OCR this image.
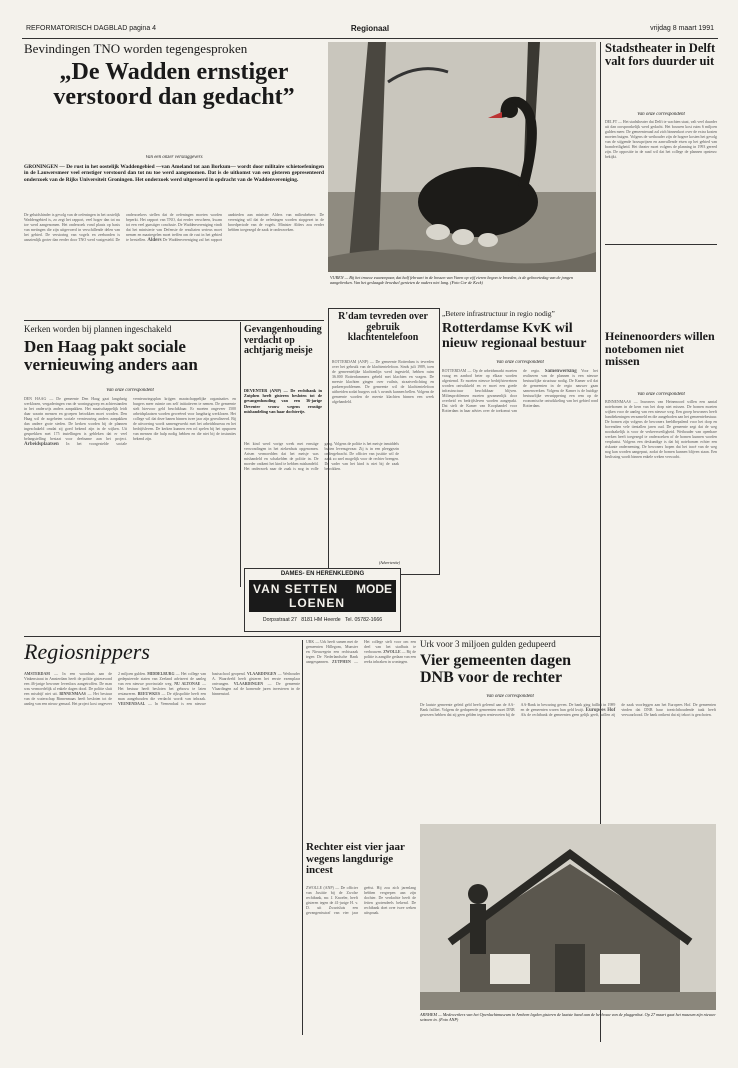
REFORMATORISCH DAGBLAD pagina 4	Regionaal	vrijdag 8 maart 1991

Bevindingen TNO worden tegengesproken

„De Wadden ernstiger verstoord dan gedacht”
Van een onzer verslaggevers
GRONINGEN — De rust in het oostelijk Waddengebied —van Ameland tot aan Borkum— wordt door militaire schietoefeningen in de Lauwersmeer veel ernstiger verstoord dan tot nu toe werd aangenomen. Dat is de uitkomst van een gisteren gepresenteerd onderzoek van de Rijks Universiteit Groningen. Het onderzoek werd uitgevoerd in opdracht van de Waddenvereniging.
De geluidshinder is gevolg van de oefeningen in het oostelijk Waddengebied is, zo zegt het rapport, veel hoger dan tot nu toe werd aangenomen. Het onderzoek vond plaats op basis van metingen die zijn uitgevoerd in verschillende delen van het gebied. De verstoring van vogels en zeehonden is aanzienlijk groter dan eerder door TNO werd vastgesteld. De onderzoekers stellen dat de oefeningen moeten worden beperkt. Het rapport van TNO, dat eerder verscheen, kwam tot een veel gunstiger conclusie. De Waddenvereniging vindt dat het ministerie van Defensie de resultaten serieus moet nemen en maatregelen moet treffen om de rust in het gebied te herstellen. Alders De Waddenvereniging zal het rapport aanbieden aan minister Alders van milieubeheer. De vereniging wil dat de oefeningen worden stopgezet in de broedperiode van de vogels. Minister Alders zou eerder hebben toegezegd de zaak te onderzoeken.
VUREN — Bij het trouwe zwanenpaar, dat half februari in de bossen van Vuren op vijf eieren begon te broeden, is de geboortedag van de jongen aangebroken. Van het geslaagde broedsel genieten de ouders niet lang. (Foto Cor de Keck)
Stadstheater in Delft valt fors duurder uit
Van onze correspondent
DELFT — Het stadstheater dat Delft te wachten staat, valt veel duurder uit dan oorspronkelijk werd gedacht. Het bouwen kost ruim 6 miljoen gulden meer. De gemeenteraad zal zich binnenkort over de extra kosten moeten buigen. Volgens de wethouder zijn de hogere kosten het gevolg van de stijgende bouwprijzen en aanvullende eisen op het gebied van brandveiligheid. Het theater moet volgens de planning in 1993 gereed zijn. De oppositie in de raad wil dat het college de plannen opnieuw bekijkt.
Heinenoorders willen notebomen niet missen
Van onze correspondent
BINNENMAAS — Inwoners van Heinenoord willen een aantal notebomen in de kern van het dorp niet missen. De bomen moeten wijken voor de aanleg van een nieuwe weg. Een groep bewoners heeft handtekeningen verzameld en die aangeboden aan het gemeentebestuur. De bomen zijn volgens de bewoners beeldbepalend voor het dorp en bovendien vele tientallen jaren oud. De gemeente zegt dat de weg noodzakelijk is voor de verkeersveiligheid. Wethouder van openbare werken heeft toegezegd te onderzoeken of de bomen kunnen worden verplaatst. Volgens een deskundige is dat bij notebomen echter een riskante onderneming. De bewoners hopen dat het tracé van de weg nog kan worden aangepast, zodat de bomen kunnen blijven staan. Een beslissing wordt binnen enkele weken verwacht.

Kerken worden bij plannen ingeschakeld

Den Haag pakt sociale vernieuwing anders aan
Van onze correspondent
DEN HAAG — De gemeente Den Haag gaat langdurig werklozen, vergaderingen van de woningsgroep en achterstanden in het onderwijs anders aanpakken. Het maatschappelijk leidt daar waarin mensen en groepen betrokken moet worden. Den Haag wil de zogeheten sociale vernieuwing anders aanpakken dan andere grote steden. De kerken worden bij de plannen ingeschakeld omdat zij goed bekend zijn in de wijken. Uit gesprekken met 175 instellingen is gebleken dat er veel belangstelling bestaat voor deelname aan het project. Arbeidsplaatsen In het voorgestelde sociale vernieuwingsplan krijgen maatschappelijke organisaties en burgers meer ruimte om zelf initiatieven te nemen. De gemeente stelt hiervoor geld beschikbaar. Er moeten ongeveer 1500 arbeidsplaatsen worden gecreëerd voor langdurig werklozen. Het college wil dat deze banen binnen twee jaar zijn gerealiseerd. Bij de uitvoering wordt samengewerkt met het arbeidsbureau en het bedrijfsleven. De kerken kunnen een rol spelen bij het opsporen van mensen die hulp nodig hebben en die niet bij de instanties bekend zijn.
Gevangenhouding verdacht op achtjarig meisje
DEVENTER (ANP) — De rechtbank in Zutphen heeft gisteren besloten tot de gevangenhouding van een 36-jarige Deventer vrouw wegens ernstige mishandeling van haar dochtertje.
Het kind werd vorige week met ernstige verwondingen in het ziekenhuis opgenomen. Artsen vermoedden dat het meisje was mishandeld en schakelden de politie in. De moeder ontkent het kind te hebben mishandeld. Het onderzoek naar de zaak is nog in volle gang. Volgens de politie is het meisje inmiddels buiten levensgevaar. Zij is in een pleeggezin ondergebracht. De officier van justitie wil de zaak zo snel mogelijk voor de rechter brengen. De vader van het kind is niet bij de zaak betrokken.
R'dam tevreden over gebruik klachtentelefoon
ROTTERDAM (ANP) — De gemeente Rotterdam is tevreden over het gebruik van de klachtentelefoon. Sinds juli 1989, toen de gemeentelijke klachtenlijn werd ingesteld, hebben ruim 36.000 Rotterdammers gebeld met klachten en vragen. De meeste klachten gingen over vuilnis, straatverlichting en parkeerproblemen. De gemeente wil de klachtentelefoon uitbreiden zodat burgers ook 's avonds kunnen bellen. Volgens de gemeente worden de meeste klachten binnen een week afgehandeld.

„Betere infrastructuur in regio nodig”

Rotterdamse KvK wil nieuw regionaal bestuur
Van onze correspondent
ROTTERDAM — Op de arbeidsmarkt moeten vraag en aanbod beter op elkaar worden afgestemd. Er moeten nieuwe bedrijfsterreinen worden ontwikkeld en er moet een goede infrastructuur beschikbaar blijven. Milieuproblemen moeten gezamenlijk door overheid en bedrijfsleven worden aangepakt. Dat stelt de Kamer van Koophandel voor Rotterdam in haar advies over de toekomst van de regio. Samenwerking Voor het realiseren van de plannen is een nieuwe bestuurlijke structuur nodig. De Kamer wil dat de gemeenten in de regio nauwer gaan samenwerken. Volgens de Kamer is de huidige bestuurlijke versnippering een rem op de economische ontwikkeling van het gebied rond Rotterdam.
DAMES- EN HERENKLEDING
VAN SETTEN MODE
LOENEN
Dorpsstraat 27 8181 HM Heerde Tel. 05782-1666
(Advertentie)
Regiosnippers
AMSTERDAM — In een woonhuis aan de Vinkenstraat in Amsterdam heeft de politie gisteravond een 46-jarige bewoner levenloos aangetroffen. De man was vermoedelijk al enkele dagen dood. De politie sluit een misdrijf niet uit. BINNENMAAS — Het bestuur van de waterschap Binnenmaas heeft besloten tot de aanleg van een nieuw gemaal. Het project kost ongeveer 2 miljoen gulden. MIDDELBURG — Het college van gedeputeerde staten van Zeeland adviseert de aanleg van een nieuwe provinciale weg. NU ALTONAE — Het bestuur heeft besloten het gebouw te laten restaureren. BEEUWKES — De rijkspolitie heeft een man aangehouden die verdacht wordt van inbraak. VEENENDAAL — In Veenendaal is een nieuwe basisschool geopend. VLAARDINGEN — Wethouder A. Waardveld heeft gisteren het eerste exemplaar ontvangen. VLAARDINGEN — De gemeente Vlaardingen zal de komende jaren investeren in de binnenstad.
URK — Urk heeft samen met de gemeenten Hillegom, Munster en Nieuwegein een rechtszaak tegen De Nederlandsche Bank aangespannen. ZUTPHEN — Het college stelt voor om een deel van het stadhuis te verbouwen. ZWOLLE — Bij de politie is aangifte gedaan van een reeks inbraken in woningen.

Urk voor 3 miljoen gulden gedupeerd

Vier gemeenten dagen DNB voor de rechter
Van onze correspondent
De laatste gemeente geleid geld heeft geleend aan de AA-Bank failliet. Volgens de gedupeerde gemeenten moet DNB gewezen hebben dat zij geen gelden tegen rentevoeten bij de AA-Bank in bewaring geven. De bank ging failliet in 1989 en de gemeenten waren hun geld kwijt. Europees Hof Als de rechtbank de gemeenten geen gelijk geeft, willen zij de zaak voorleggen aan het Europees Hof. De gemeenten vinden dat DNB haar toezichthoudende taak heeft verwaarloosd. De bank ontkent dat zij tekort is geschoten.
Rechter eist vier jaar wegens langdurige incest
ZWOLLE (ANP) — De officier van Justitie bij de Zwolse rechtbank, mr. J. Knoeler, heeft gisteren tegen de 41-jarige H. v. D. uit Zwartsluis een gevangenisstraf van vier jaar geëist. Hij zou zich jarenlang hebben vergrepen aan zijn dochter. De verdachte heeft de feiten grotendeels bekend. De rechtbank doet over twee weken uitspraak.
ARNHEM — Medewerkers van het Openluchtmuseum in Arnhem legden gisteren de laatste hand aan de herbouw van de pluggenhut. Op 27 maart gaat het museum zijn nieuwe seizoen in. (Foto ANP)
